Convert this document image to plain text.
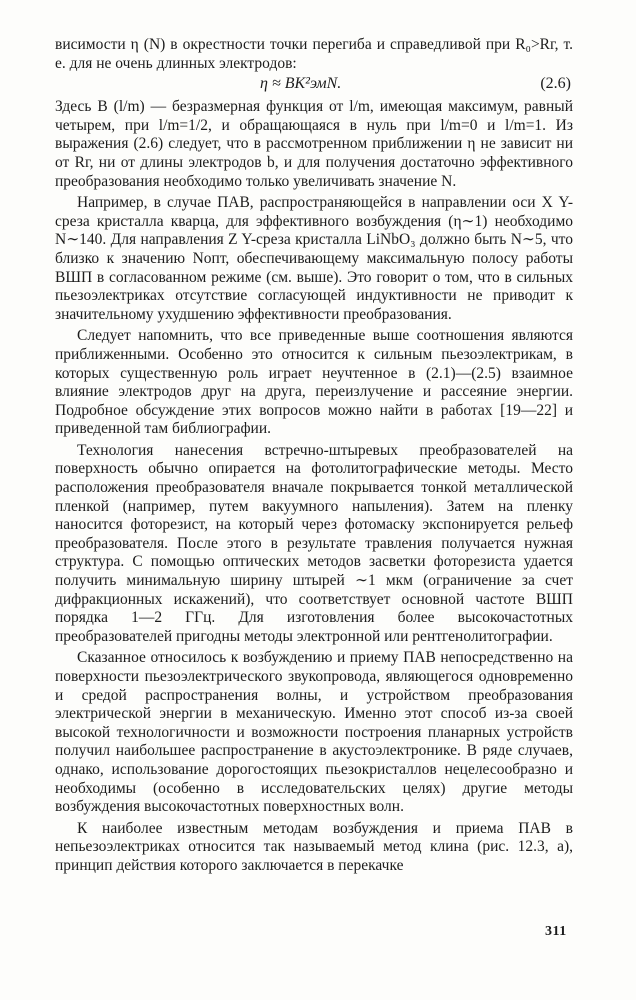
висимости η (N) в окрестности точки перегиба и справедливой при R₀>Rг, т. е. для не очень длинных электродов:

η ≈ BK²эмN.	(2.6)

Здесь B (l/m) — безразмерная функция от l/m, имеющая максимум, равный четырем, при l/m=1/2, и обращающаяся в нуль при l/m=0 и l/m=1. Из выражения (2.6) следует, что в рассмотренном приближении η не зависит ни от Rг, ни от длины электродов b, и для получения достаточно эффективного преобразования необходимо только увеличивать значение N.

Например, в случае ПАВ, распространяющейся в направлении оси X Y-среза кристалла кварца, для эффективного возбуждения (η∼1) необходимо N∼140. Для направления Z Y-среза кристалла LiNbO₃ должно быть N∼5, что близко к значению Nопт, обеспечивающему максимальную полосу работы ВШП в согласованном режиме (см. выше). Это говорит о том, что в сильных пьезоэлектриках отсутствие согласующей индуктивности не приводит к значительному ухудшению эффективности преобразования.

Следует напомнить, что все приведенные выше соотношения являются приближенными. Особенно это относится к сильным пьезоэлектрикам, в которых существенную роль играет неучтенное в (2.1)—(2.5) взаимное влияние электродов друг на друга, переизлучение и рассеяние энергии. Подробное обсуждение этих вопросов можно найти в работах [19—22] и приведенной там библиографии.

Технология нанесения встречно-штыревых преобразователей на поверхность обычно опирается на фотолитографические методы. Место расположения преобразователя вначале покрывается тонкой металлической пленкой (например, путем вакуумного напыления). Затем на пленку наносится фоторезист, на который через фотомаску экспонируется рельеф преобразователя. После этого в результате травления получается нужная структура. С помощью оптических методов засветки фоторезиста удается получить минимальную ширину штырей ∼1 мкм (ограничение за счет дифракционных искажений), что соответствует основной частоте ВШП порядка 1—2 ГГц. Для изготовления более высокочастотных преобразователей пригодны методы электронной или рентгенолитографии.

Сказанное относилось к возбуждению и приему ПАВ непосредственно на поверхности пьезоэлектрического звукопровода, являющегося одновременно и средой распространения волны, и устройством преобразования электрической энергии в механическую. Именно этот способ из-за своей высокой технологичности и возможности построения планарных устройств получил наибольшее распространение в акустоэлектронике. В ряде случаев, однако, использование дорогостоящих пьезокристаллов нецелесообразно и необходимы (особенно в исследовательских целях) другие методы возбуждения высокочастотных поверхностных волн.

К наиболее известным методам возбуждения и приема ПАВ в непьезоэлектриках относится так называемый метод клина (рис. 12.3, а), принцип действия которого заключается в перекачке

311
